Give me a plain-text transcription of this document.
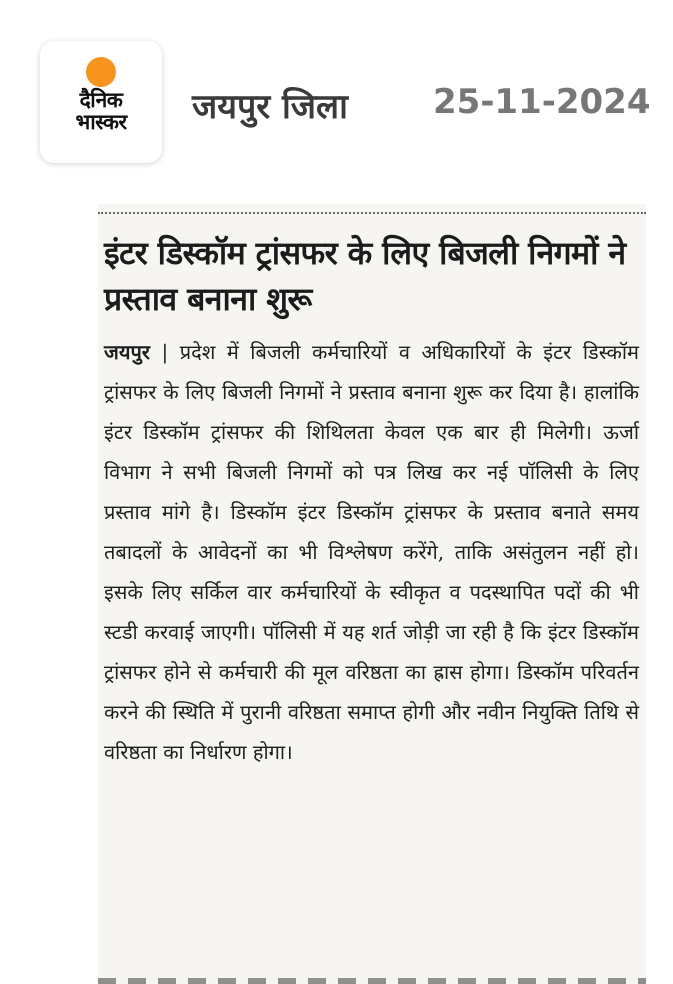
दैनिक
भास्कर जयपुर जिला	25-11-2024
इंटर डिस्कॉम ट्रांसफर के लिए बिजली निगमों ने प्रस्ताव बनाना शुरू
जयपुर | प्रदेश में बिजली कर्मचारियों व अधिकारियों के इंटर डिस्कॉम ट्रांसफर के लिए बिजली निगमों ने प्रस्ताव बनाना शुरू कर दिया है। हालांकि इंटर डिस्कॉम ट्रांसफर की शिथिलता केवल एक बार ही मिलेगी। ऊर्जा विभाग ने सभी बिजली निगमों को पत्र लिख कर नई पॉलिसी के लिए प्रस्ताव मांगे है। डिस्कॉम इंटर डिस्कॉम ट्रांसफर के प्रस्ताव बनाते समय तबादलों के आवेदनों का भी विश्लेषण करेंगे, ताकि असंतुलन नहीं हो। इसके लिए सर्किल वार कर्मचारियों के स्वीकृत व पदस्थापित पदों की भी स्टडी करवाई जाएगी। पॉलिसी में यह शर्त जोड़ी जा रही है कि इंटर डिस्कॉम ट्रांसफर होने से कर्मचारी की मूल वरिष्ठता का ह्रास होगा। डिस्कॉम परिवर्तन करने की स्थिति में पुरानी वरिष्ठता समाप्त होगी और नवीन नियुक्ति तिथि से वरिष्ठता का निर्धारण होगा।
